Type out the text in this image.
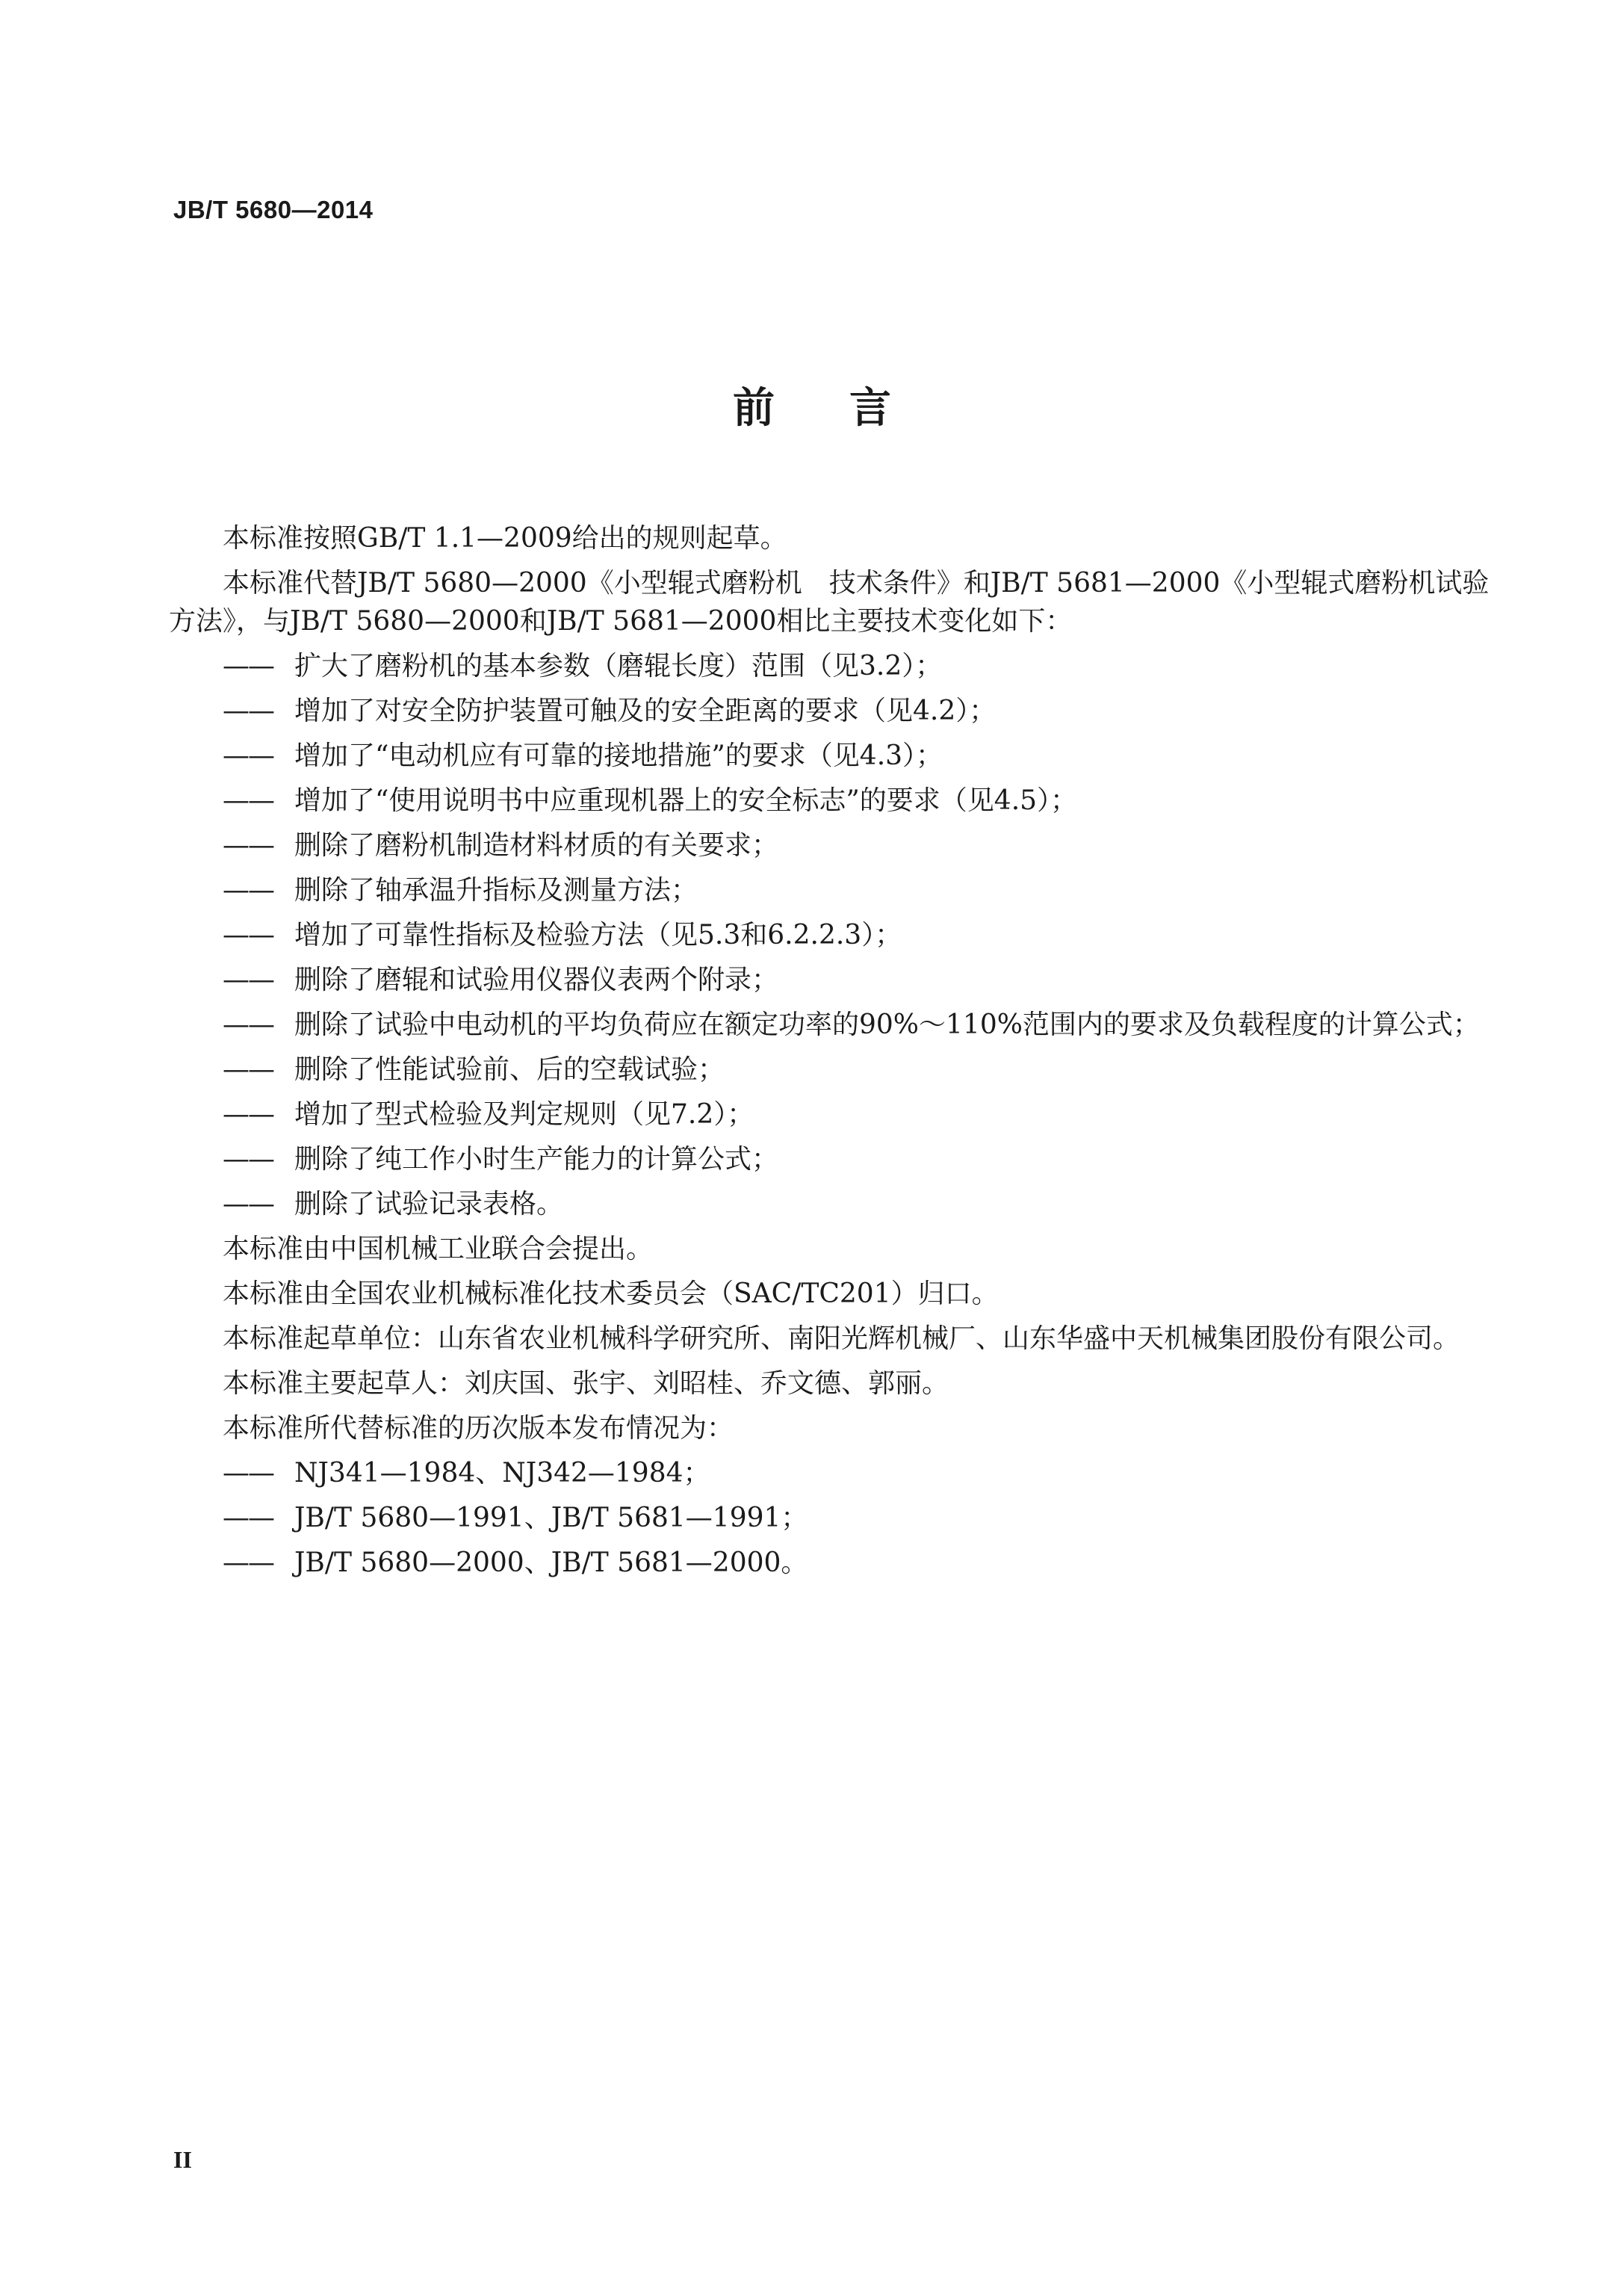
JB/T 5680—2014
前言
本标准按照GB/T 1.1—2009给出的规则起草。
本标准代替JB/T 5680—2000《小型辊式磨粉机　技术条件》和JB/T 5681—2000《小型辊式磨粉机试验方法》，与JB/T 5680—2000和JB/T 5681—2000相比主要技术变化如下：
—— 扩大了磨粉机的基本参数（磨辊长度）范围（见3.2）；
—— 增加了对安全防护装置可触及的安全距离的要求（见4.2）；
—— 增加了“电动机应有可靠的接地措施”的要求（见4.3）；
—— 增加了“使用说明书中应重现机器上的安全标志”的要求（见4.5）；
—— 删除了磨粉机制造材料材质的有关要求；
—— 删除了轴承温升指标及测量方法；
—— 增加了可靠性指标及检验方法（见5.3和6.2.2.3）；
—— 删除了磨辊和试验用仪器仪表两个附录；
—— 删除了试验中电动机的平均负荷应在额定功率的90%～110%范围内的要求及负载程度的计算公式；
—— 删除了性能试验前、后的空载试验；
—— 增加了型式检验及判定规则（见7.2）；
—— 删除了纯工作小时生产能力的计算公式；
—— 删除了试验记录表格。
本标准由中国机械工业联合会提出。
本标准由全国农业机械标准化技术委员会（SAC/TC201）归口。
本标准起草单位：山东省农业机械科学研究所、南阳光辉机械厂、山东华盛中天机械集团股份有限公司。
本标准主要起草人：刘庆国、张宇、刘昭桂、乔文德、郭丽。
本标准所代替标准的历次版本发布情况为：
—— NJ341—1984、NJ342—1984；
—— JB/T 5680—1991、JB/T 5681—1991；
—— JB/T 5680—2000、JB/T 5681—2000。
II
